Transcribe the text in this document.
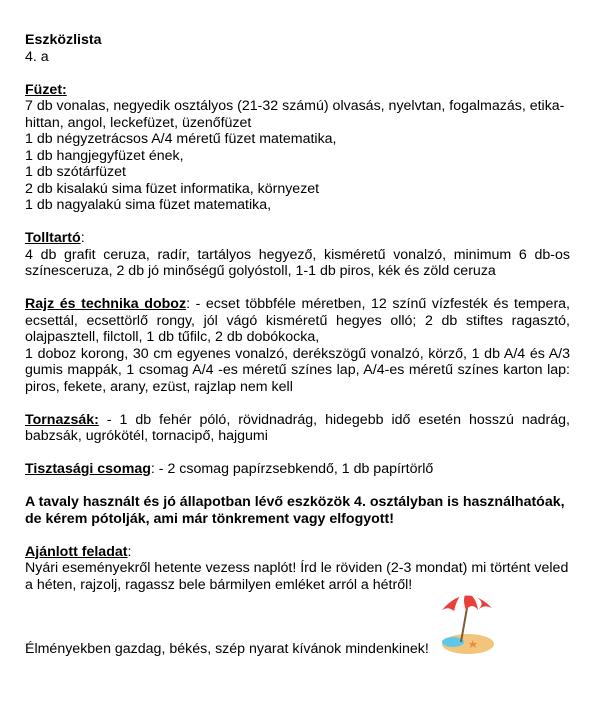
Eszközlista

4. a

Füzet:

7 db vonalas, negyedik osztályos (21-32 számú) olvasás, nyelvtan, fogalmazás, etika-

hittan, angol, leckefüzet, üzenőfüzet

1 db négyzetrácsos A/4 méretű füzet matematika,

1 db hangjegyfüzet ének,

1 db szótárfüzet

2 db kisalakú sima füzet informatika, környezet

1 db nagyalakú sima füzet matematika,

Tolltartó:

4 db grafit ceruza, radír, tartályos hegyező, kisméretű vonalzó, minimum 6 db-os

színesceruza, 2 db jó minőségű golyóstoll, 1-1 db piros, kék és zöld ceruza

Rajz és technika doboz: - ecset többféle méretben, 12 színű vízfesték és tempera,

ecsettál, ecsettörlő rongy, jól vágó kisméretű hegyes olló; 2 db stiftes ragasztó,

olajpasztell, filctoll, 1 db tűfilc, 2 db dobókocka,

1 doboz korong, 30 cm egyenes vonalzó, derékszögű vonalzó, körző, 1 db A/4 és A/3

gumis mappák, 1 csomag A/4 -es méretű színes lap, A/4-es méretű színes karton lap:

piros, fekete, arany, ezüst, rajzlap nem kell

Tornazsák: - 1 db fehér póló, rövidnadrág, hidegebb idő esetén hosszú nadrág,

babzsák, ugrókötél, tornacipő, hajgumi

Tisztasági csomag: - 2 csomag papírzsebkendő, 1 db papírtörlő

A tavaly használt és jó állapotban lévő eszközök 4. osztályban is használhatóak,

de kérem pótolják, ami már tönkrement vagy elfogyott!

Ajánlott feladat:

Nyári eseményekről hetente vezess naplót! Írd le röviden (2-3 mondat) mi történt veled

a héten, rajzolj, ragassz bele bármilyen emléket arról a hétről!

Élményekben gazdag, békés, szép nyarat kívánok mindenkinek!
